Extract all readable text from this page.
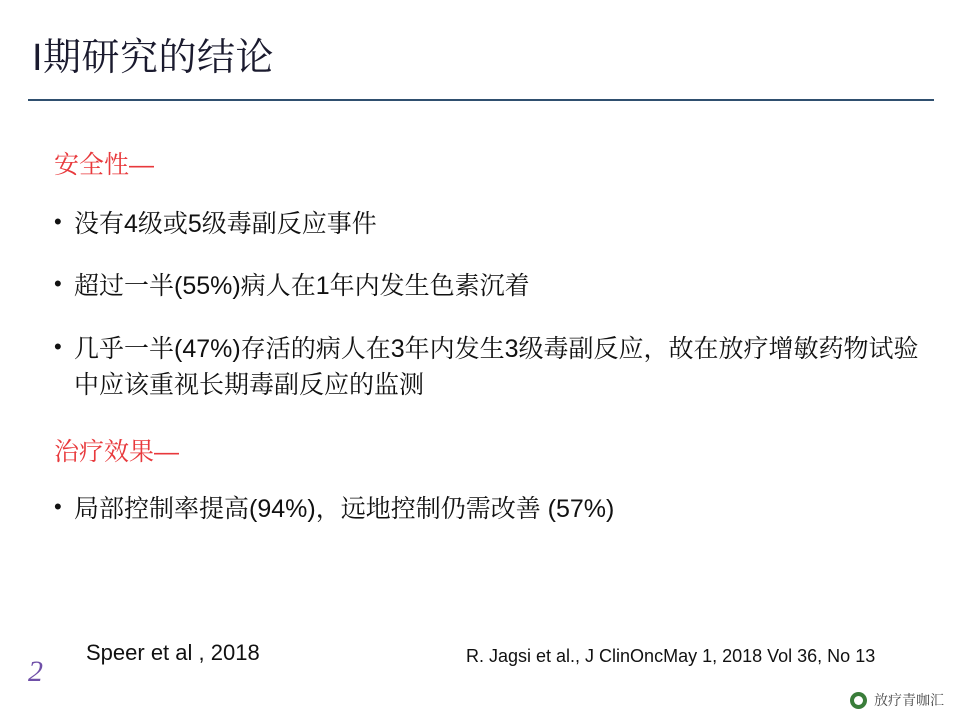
I期研究的结论
安全性—
• 没有4级或5级毒副反应事件
• 超过一半(55%)病人在1年内发生色素沉着
• 几乎一半(47%)存活的病人在3年内发生3级毒副反应，故在放疗增敏药物试验中应该重视长期毒副反应的监测
治疗效果—
• 局部控制率提高(94%)，远地控制仍需改善 (57%)
2
Speer et al , 2018	R. Jagsi et al., J ClinOncMay 1, 2018 Vol 36, No 13
放疗青咖汇
